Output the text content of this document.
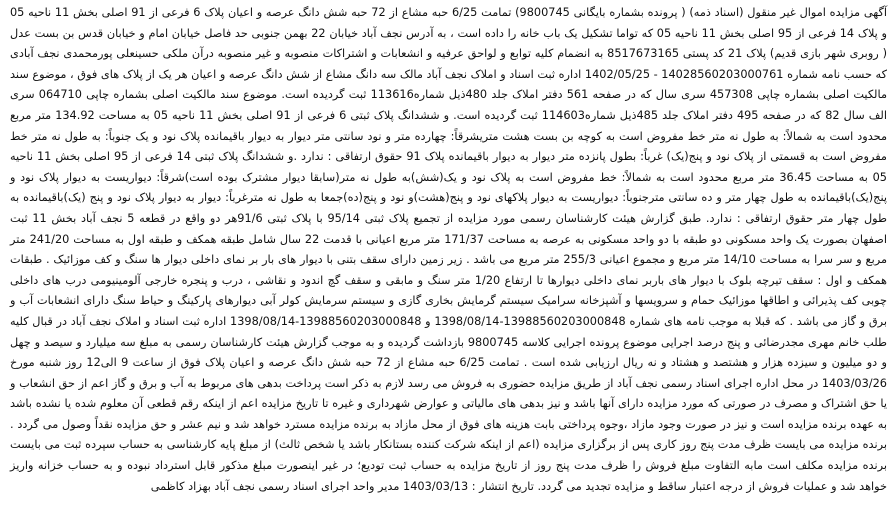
آگهی مزایده اموال غیر منقول (اسناد ذمه) ( پرونده بشماره بایگانی 9800745) تمامت 6/25 حبه مشاع از 72 حبه شش دانگ عرصه و اعیان پلاک 6 فرعی از 91 اصلی بخش 11 ناحیه 05 و پلاک 14 فرعی از 95 اصلی بخش 11 ناحیه 05 که تواما تشکیل یک باب خانه را داده است ، به آدرس نجف آباد خیابان 22 بهمن جنوبی حد فاصل خیابان امام و خیابان قدس بن بست عدل ( روبری شهر بازی قدیم) پلاک 21 کد پستی 8517673165 به انضمام کلیه توابع و لواحق عرفیه و انشعابات و اشتراکات منصوبه و غیر منصوبه درآن ملکی حسینعلی پورمحمدی نجف آبادی که حسب نامه شماره 14028560203000761 - 1402/05/25 اداره ثبت اسناد و املاک نجف آباد مالک سه دانگ مشاع از شش دانگ عرصه و اعیان هر یک از پلاک های فوق ، موضوع سند مالکیت اصلی بشماره چاپی 457308 سری سال که در صفحه 561 دفتر املاک جلد 480ذیل شماره113616 ثبت گردیده است. موضوع سند مالکیت اصلی بشماره چاپی 064710 سری الف سال 82 که در صفحه 495 دفتر املاک جلد 485ذیل شماره114603 ثبت گردیده است. و ششدانگ پلاک ثبتی 6 فرعی از 91 اصلی بخش 11 ناحیه 05 به مساحت 134.92 متر مربع محدود است به شمالاً: به طول نه متر خط مفروض است به کوچه بن بست هشت متریشرقاً: چهارده متر و نود سانتی متر دیوار به دیوار باقیمانده پلاک نود و یک جنوباً: به طول نه متر خط مفروض است به قسمتی از پلاک نود و پنج(یک) غرباً: بطول پانزده متر دیوار به دیوار باقیمانده پلاک 91 حقوق ارتفاقی : ندارد .و ششدانگ پلاک ثبتی 14 فرعی از 95 اصلی بخش 11 ناحیه 05 به مساحت 36.45 متر مربع محدود است به شمالاً: خط مفروض است به پلاک نود و یک(شش)به طول نه متر(سابقا دیوار مشترک بوده است)شرقاً: دیواریست به دیوار پلاک نود و پنج(یک)باقیمانده به طول چهار متر و ده سانتی مترجنوباً: دیواریست به دیوار پلاکهای نود و پنج(هشت)و نود و پنج(ده)جمعا به طول نه مترغرباً: دیوار به دیوار پلاک نود و پنج (یک)باقیمانده به طول چهار متر حقوق ارتفاقی : ندارد. طبق گزارش هیئت کارشناسان رسمی مورد مزایده از تجمیع پلاک ثبتی 95/14 با پلاک ثبتی 91/6هر دو واقع در قطعه 5 نجف آباد بخش 11 ثبت اصفهان بصورت یک واحد مسکونی دو طبقه با دو واحد مسکونی به عرصه به مساحت 171/37 متر مربع اعیانی با قدمت 22 سال شامل طبقه همکف و طبقه اول به مساحت 241/20 متر مربع و سر سرا به مساحت 14/10 متر مربع و مجموع اعیانی 255/3 متر مربع می باشد . زیر زمین دارای سقف بتنی با دیوار های بار بر نمای داخلی دیوار ها سنگ و کف موزائیک . طبقات همکف و اول : سقف تیرچه بلوک با دیوار های باربر نمای داخلی دیوارها تا ارتفاع 1/20 متر سنگ و مابقی و سقف گچ اندود و نقاشی ، درب و پنجره خارجی آلومینیومی درب های داخلی چوبی کف پذیرائی و اطاقها موزائیک حمام و سرویسها و آشپزخانه سرامیک سیستم گرمایش بخاری گازی و سیستم سرمایش کولر آبی دیوارهای پارکینگ و حیاط سنگ دارای انشعابات آب و برق و گاز می باشد . که قبلا به موجب نامه های شماره 13988560203000848-1398/08/14 و 13988560203000848-1398/08/14 اداره ثبت اسناد و املاک نجف آباد در قبال کلیه طلب خانم مهری مجدرضائی و پنج درصد اجرایی موضوع پرونده اجرایی کلاسه 9800745 بازداشت گردیده و به موجب گزارش هیئت کارشناسان رسمی به مبلغ سه میلیارد و سیصد و چهل و دو میلیون و سیزده هزار و هشتصد و هشتاد و نه ریال ارزیابی شده است . تمامت 6/25 حبه مشاع از 72 حبه شش دانگ عرصه و اعیان پلاک فوق از ساعت 9 الی12 روز شنبه مورخ 1403/03/26 در محل اداره اجرای اسناد رسمی نجف آباد از طریق مزایده حضوری به فروش می رسد لازم به ذکر است پرداخت بدهی های مربوط به آب و برق و گاز اعم از حق انشعاب و یا حق اشتراک و مصرف در صورتی که مورد مزایده دارای آنها باشد و نیز بدهی های مالیاتی و عوارض شهرداری و غیره تا تاریخ مزایده اعم از اینکه رقم قطعی آن معلوم شده یا نشده باشد به عهده برنده مزایده است و نیز در صورت وجود مازاد ،وجوه پرداختی بابت هزینه های فوق از محل مازاد به برنده مزایده مسترد خواهد شد و نیم عشر و حق مزایده نقداً وصول می گردد . برنده مزایده می بایست ظرف مدت پنج روز کاری پس از برگزاری مزایده (اعم از اینکه شرکت کننده بستانکار باشد یا شخص ثالث) از مبلغ پایه کارشناسی به حساب سپرده ثبت می بایست برنده مزایده مکلف است مابه التفاوت مبلغ فروش را ظرف مدت پنج روز از تاریخ مزایده به حساب ثبت تودیع؛ در غیر اینصورت مبلغ مذکور قابل استرداد نبوده و به حساب خزانه واریز خواهد شد و عملیات فروش از درجه اعتبار ساقط و مزایده تجدید می گردد. تاریخ انتشار : 1403/03/13 مدیر واحد اجرای اسناد رسمی نجف آباد بهزاد کاظمی
